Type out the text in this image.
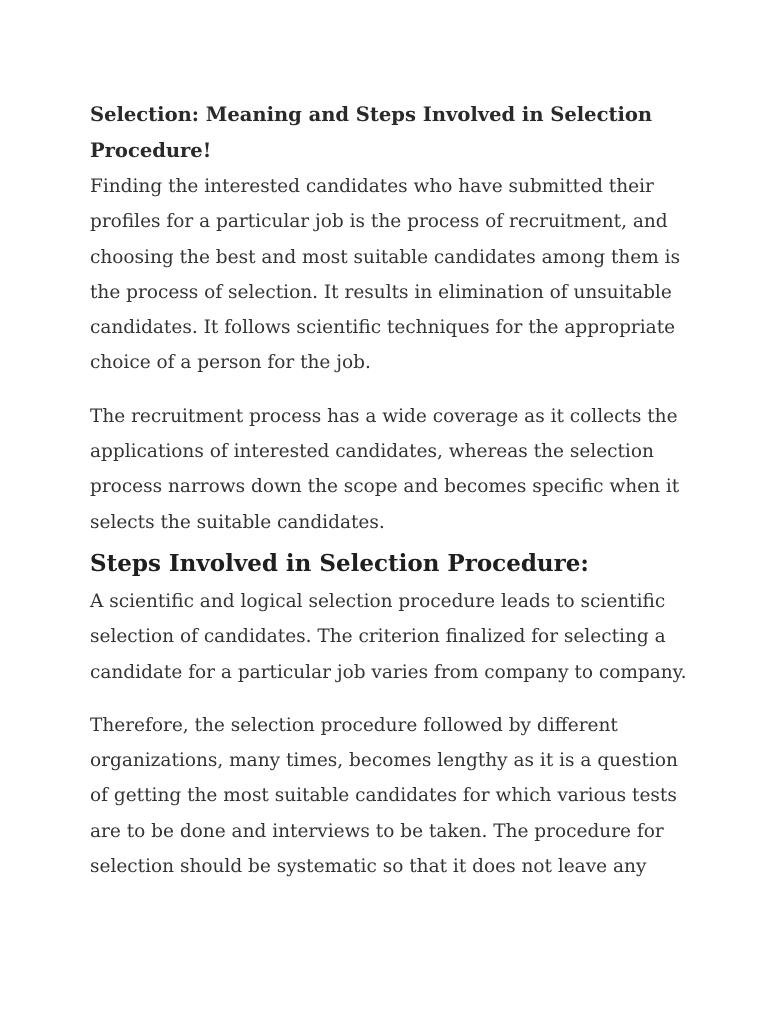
Selection: Meaning and Steps Involved in Selection Procedure!

Finding the interested candidates who have submitted their profiles for a particular job is the process of recruitment, and choosing the best and most suitable candidates among them is the process of selection. It results in elimination of unsuitable candidates. It follows scientific techniques for the appropriate choice of a person for the job.

The recruitment process has a wide coverage as it collects the applications of interested candidates, whereas the selection process narrows down the scope and becomes specific when it selects the suitable candidates.

Steps Involved in Selection Procedure:

A scientific and logical selection procedure leads to scientific selection of candidates. The criterion finalized for selecting a candidate for a particular job varies from company to company.

Therefore, the selection procedure followed by different organizations, many times, becomes lengthy as it is a question of getting the most suitable candidates for which various tests are to be done and interviews to be taken. The procedure for selection should be systematic so that it does not leave any
